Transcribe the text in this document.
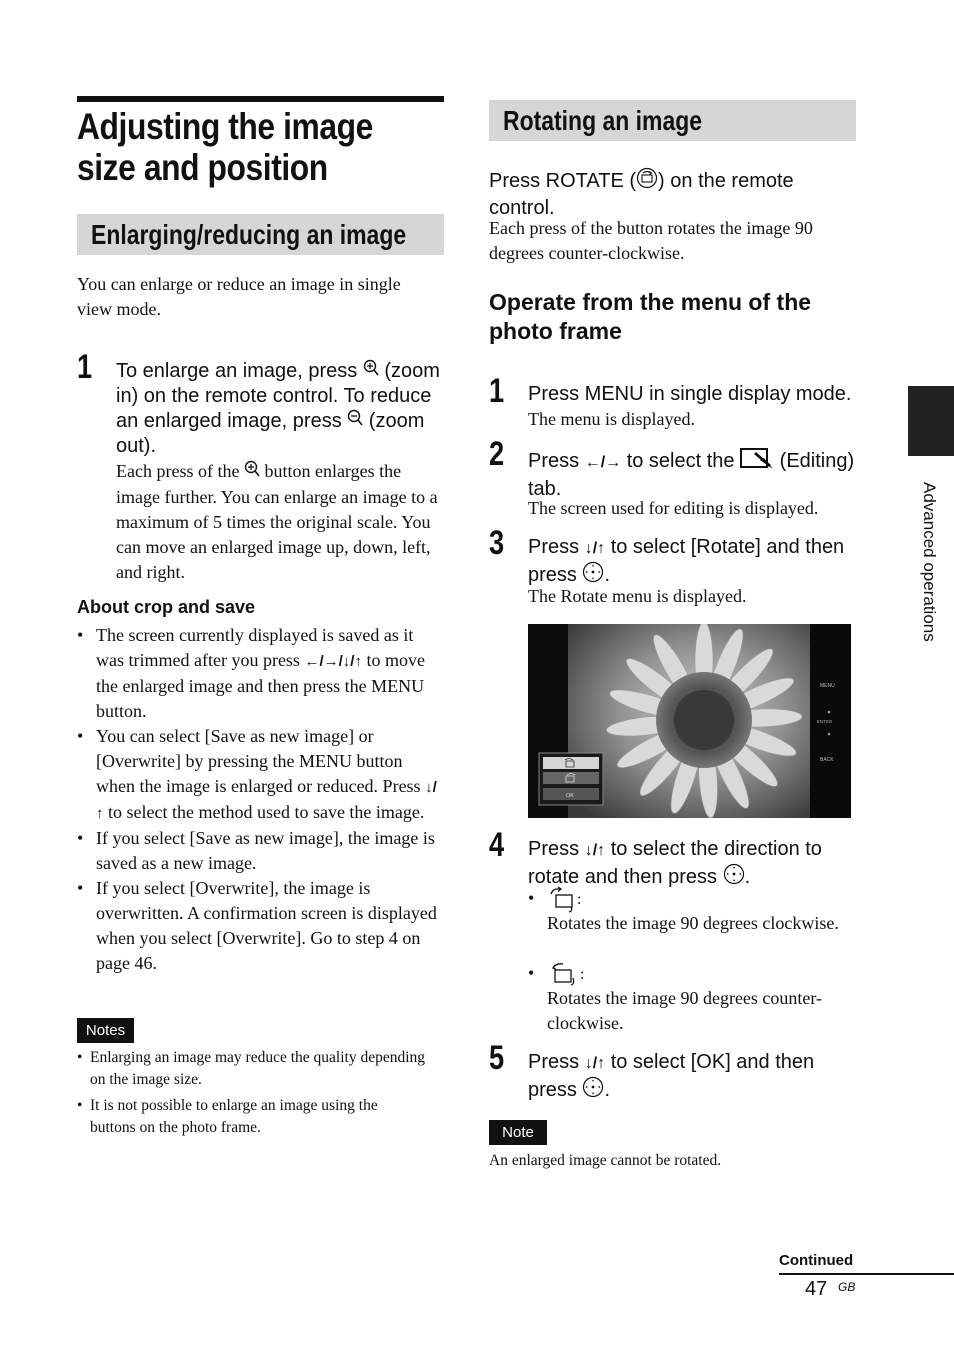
Adjusting the image size and position
Enlarging/reducing an image
You can enlarge or reduce an image in single view mode.
1 To enlarge an image, press  (zoom in) on the remote control. To reduce an enlarged image, press  (zoom out).
Each press of the  button enlarges the image further. You can enlarge an image to a maximum of 5 times the original scale. You can move an enlarged image up, down, left, and right.
About crop and save
• The screen currently displayed is saved as it was trimmed after you press ←/→/↓/↑ to move the enlarged image and then press the MENU button.
• You can select [Save as new image] or [Overwrite] by pressing the MENU button when the image is enlarged or reduced. Press ↓/↑ to select the method used to save the image.
• If you select [Save as new image], the image is saved as a new image.
• If you select [Overwrite], the image is overwritten. A confirmation screen is displayed when you select [Overwrite]. Go to step 4 on page 46.
Notes
• Enlarging an image may reduce the quality depending on the image size.
• It is not possible to enlarge an image using the buttons on the photo frame.
Rotating an image
Press ROTATE ( ) on the remote control.
Each press of the button rotates the image 90 degrees counter-clockwise.
Operate from the menu of the photo frame
1 Press MENU in single display mode.
The menu is displayed.
2 Press ←/→ to select the  (Editing) tab.
The screen used for editing is displayed.
3 Press ↓/↑ to select [Rotate] and then press .
The Rotate menu is displayed.
MENU
ENTER
BACK
OK
4 Press ↓/↑ to select the direction to rotate and then press .
•	:
Rotates the image 90 degrees clockwise.
•	:
Rotates the image 90 degrees counter-clockwise.
5 Press ↓/↑ to select [OK] and then press .
Note
An enlarged image cannot be rotated.
Advanced operations
Continued
47 GB
